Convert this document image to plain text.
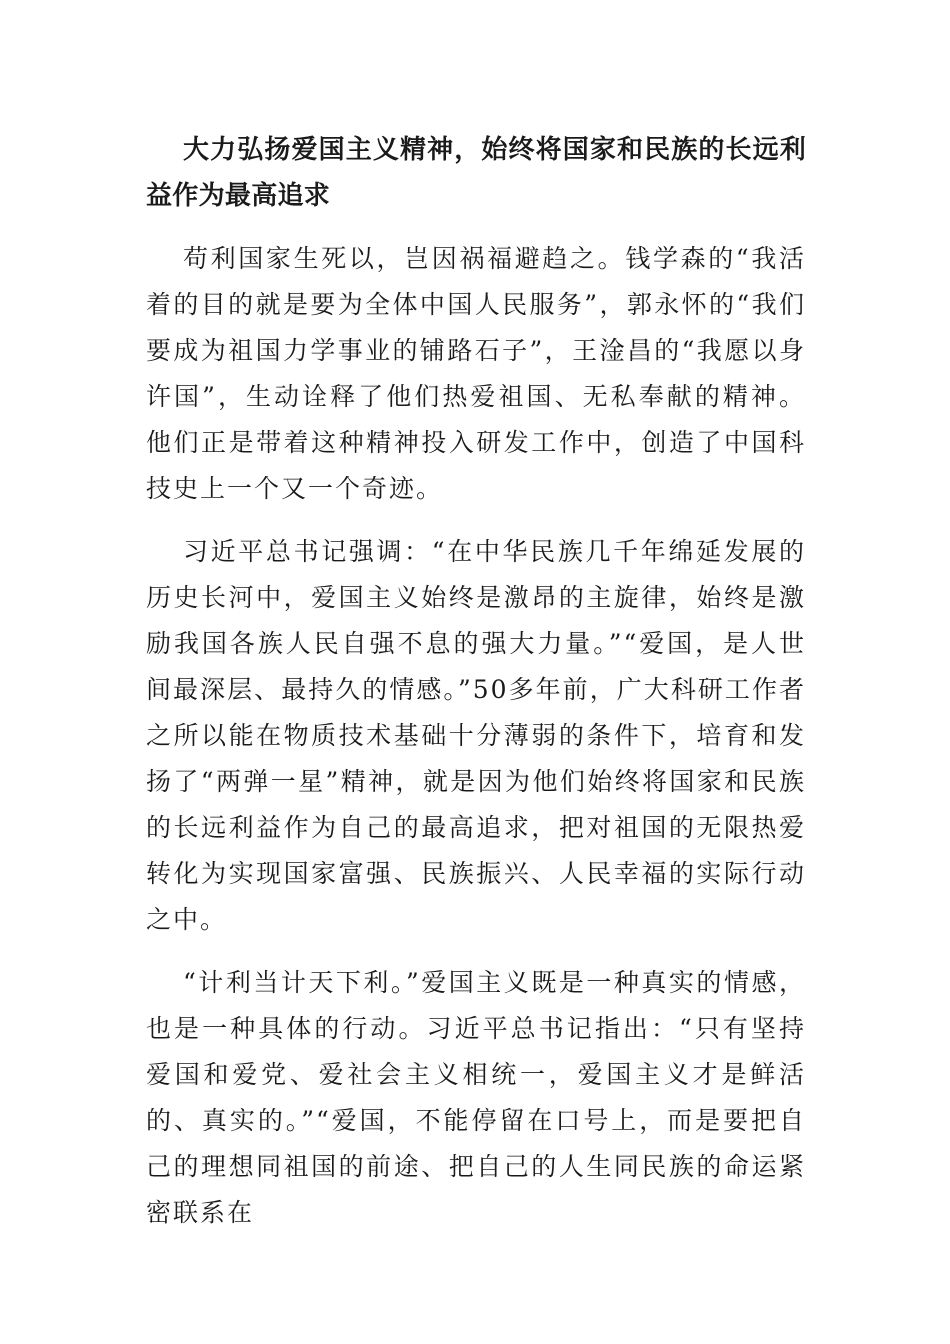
大力弘扬爱国主义精神，始终将国家和民族的长远利益作为最高追求

苟利国家生死以，岂因祸福避趋之。钱学森的“我活着的目的就是要为全体中国人民服务”，郭永怀的“我们要成为祖国力学事业的铺路石子”，王淦昌的“我愿以身许国”，生动诠释了他们热爱祖国、无私奉献的精神。他们正是带着这种精神投入研发工作中，创造了中国科技史上一个又一个奇迹。

习近平总书记强调：“在中华民族几千年绵延发展的历史长河中，爱国主义始终是激昂的主旋律，始终是激励我国各族人民自强不息的强大力量。”“爱国，是人世间最深层、最持久的情感。”50多年前，广大科研工作者之所以能在物质技术基础十分薄弱的条件下，培育和发扬了“两弹一星”精神，就是因为他们始终将国家和民族的长远利益作为自己的最高追求，把对祖国的无限热爱转化为实现国家富强、民族振兴、人民幸福的实际行动之中。

“计利当计天下利。”爱国主义既是一种真实的情感，也是一种具体的行动。习近平总书记指出：“只有坚持爱国和爱党、爱社会主义相统一，爱国主义才是鲜活的、真实的。”“爱国，不能停留在口号上，而是要把自己的理想同祖国的前途、把自己的人生同民族的命运紧密联系在
